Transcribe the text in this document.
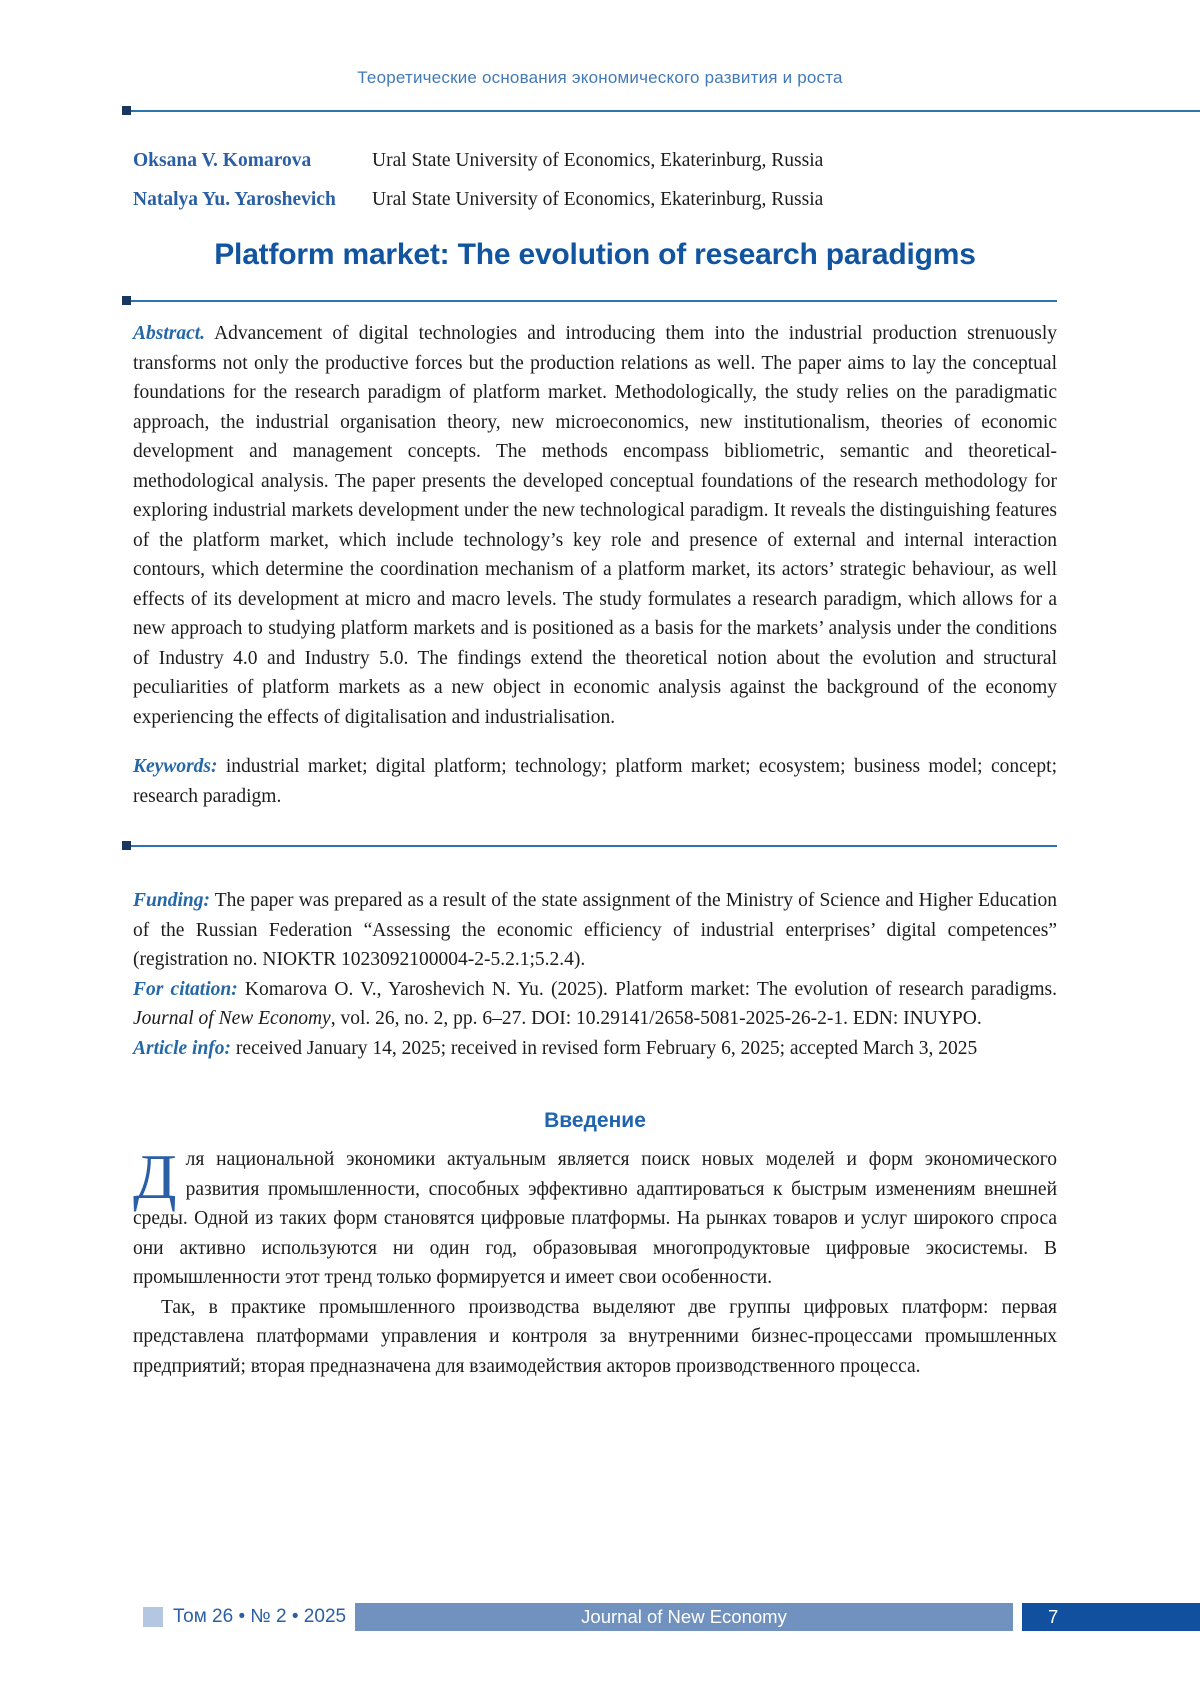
Теоретические основания экономического развития и роста
Oksana V. Komarova	Ural State University of Economics, Ekaterinburg, Russia
Natalya Yu. Yaroshevich	Ural State University of Economics, Ekaterinburg, Russia
Platform market: The evolution of research paradigms

Abstract. Advancement of digital technologies and introducing them into the industrial production strenuously transforms not only the productive forces but the production relations as well. The paper aims to lay the conceptual foundations for the research paradigm of platform market. Methodologically, the study relies on the paradigmatic approach, the industrial organisation theory, new microeconomics, new institutionalism, theories of economic development and management concepts. The methods encompass bibliometric, semantic and theoretical-methodological analysis. The paper presents the developed conceptual foundations of the research methodology for exploring industrial markets development under the new technological paradigm. It reveals the distinguishing features of the platform market, which include technology’s key role and presence of external and internal interaction contours, which determine the coordination mechanism of a platform market, its actors’ strategic behaviour, as well effects of its development at micro and macro levels. The study formulates a research paradigm, which allows for a new approach to studying platform markets and is positioned as a basis for the markets’ analysis under the conditions of Industry 4.0 and Industry 5.0. The findings extend the theoretical notion about the evolution and structural peculiarities of platform markets as a new object in economic analysis against the background of the economy experiencing the effects of digitalisation and industrialisation.

Keywords: industrial market; digital platform; technology; platform market; ecosystem; business model; concept; research paradigm.

Funding: The paper was prepared as a result of the state assignment of the Ministry of Science and Higher Education of the Russian Federation “Assessing the economic efficiency of industrial enterprises’ digital competences” (registration no. NIOKTR 1023092100004-2-5.2.1;5.2.4).

For citation: Komarova O. V., Yaroshevich N. Yu. (2025). Platform market: The evolution of research paradigms. Journal of New Economy, vol. 26, no. 2, pp. 6–27. DOI: 10.29141/2658-5081-2025-26-2-1. EDN: INUYPO.

Article info: received January 14, 2025; received in revised form February 6, 2025; accepted March 3, 2025

Введение

Для национальной экономики актуальным является поиск новых моделей и форм экономического развития промышленности, способных эффективно адаптироваться к быстрым изменениям внешней среды. Одной из таких форм становятся цифровые платформы. На рынках товаров и услуг широкого спроса они активно используются ни один год, образовывая многопродуктовые цифровые экосистемы. В промышленности этот тренд только формируется и имеет свои особенности.

Так, в практике промышленного производства выделяют две группы цифровых платформ: первая представлена платформами управления и контроля за внутренними бизнес-процессами промышленных предприятий; вторая предназначена для взаимодействия акторов производственного процесса.

Том 26 • № 2 • 2025	Journal of New Economy	7
